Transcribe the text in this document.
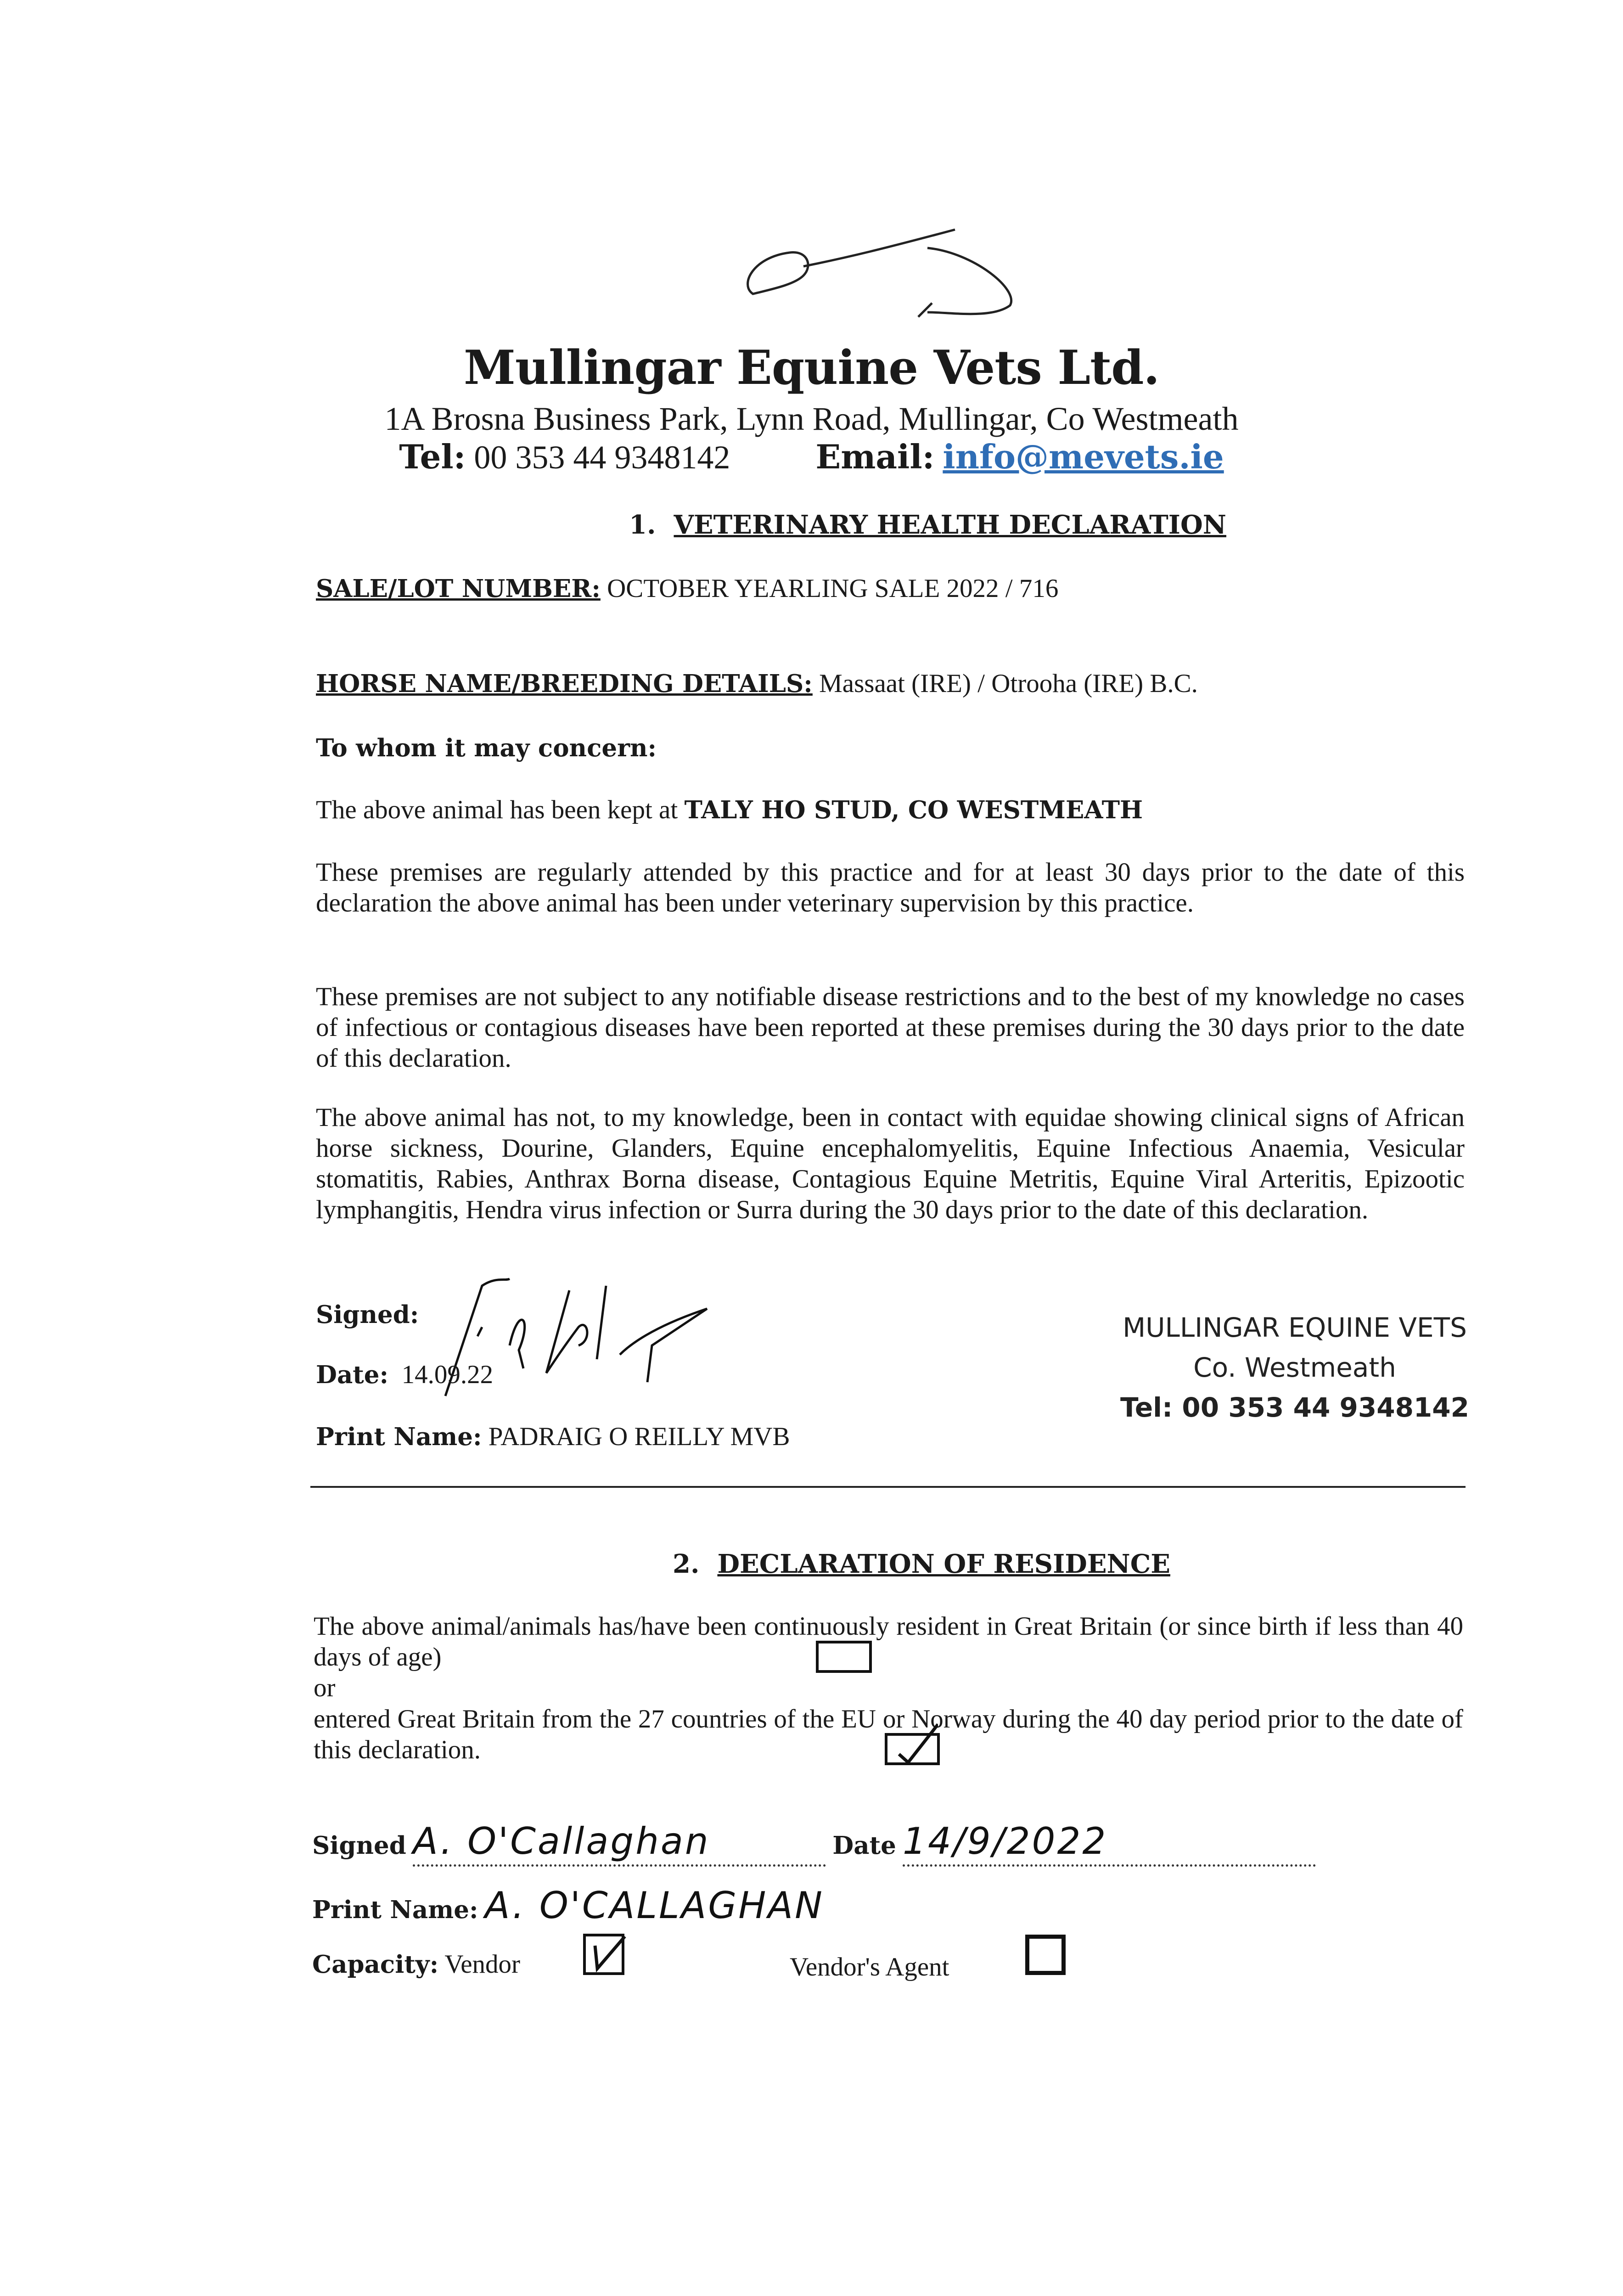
Mullingar Equine Vets Ltd.
1A Brosna Business Park, Lynn Road, Mullingar, Co Westmeath
Tel: 00 353 44 9348142	Email: info@mevets.ie
1. VETERINARY HEALTH DECLARATION
SALE/LOT NUMBER: OCTOBER YEARLING SALE 2022 / 716
HORSE NAME/BREEDING DETAILS: Massaat (IRE) / Otrooha (IRE) B.C.
To whom it may concern:
The above animal has been kept at TALY HO STUD, CO WESTMEATH
These premises are regularly attended by this practice and for at least 30 days prior to the date of this declaration the above animal has been under veterinary supervision by this practice.
These premises are not subject to any notifiable disease restrictions and to the best of my knowledge no cases of infectious or contagious diseases have been reported at these premises during the 30 days prior to the date of this declaration.
The above animal has not, to my knowledge, been in contact with equidae showing clinical signs of African horse sickness, Dourine, Glanders, Equine encephalomyelitis, Equine Infectious Anaemia, Vesicular stomatitis, Rabies, Anthrax Borna disease, Contagious Equine Metritis, Equine Viral Arteritis, Epizootic lymphangitis, Hendra virus infection or Surra during the 30 days prior to the date of this declaration.
Signed:
Date: 14.09.22
Print Name: PADRAIG O REILLY MVB
MULLINGAR EQUINE VETS
Co. Westmeath
Tel: 00 353 44 9348142
2. DECLARATION OF RESIDENCE
The above animal/animals has/have been continuously resident in Great Britain (or since birth if less than 40 days of age)
or
entered Great Britain from the 27 countries of the EU or Norway during the 40 day period prior to the date of this declaration.
Signed A. O'Callaghan	Date 14/9/2022
Print Name: A. O'CALLAGHAN
Capacity: Vendor	Vendor's Agent
